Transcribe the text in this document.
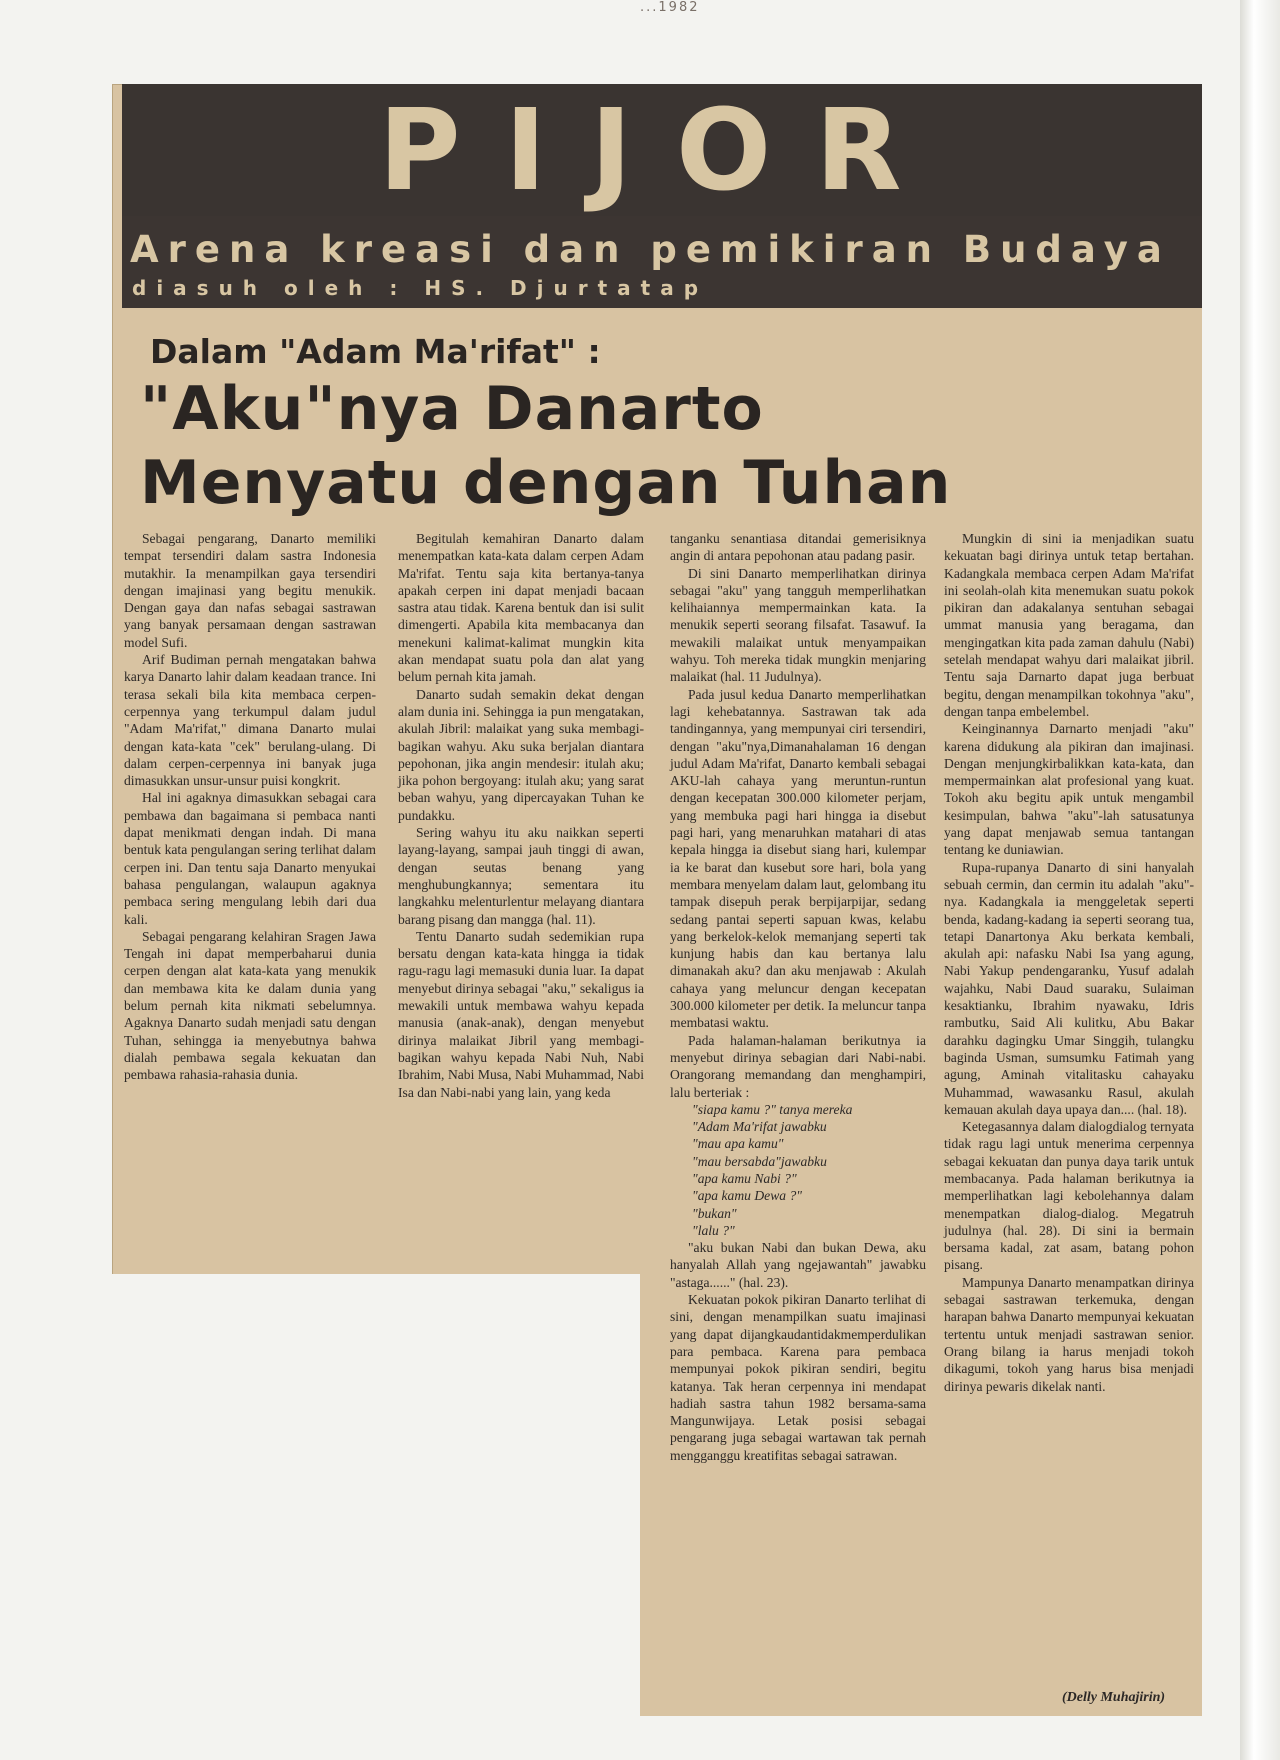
...1982
PIJOR
Arena kreasi dan pemikiran Budaya
diasuh oleh : HS. Djurtatap
Dalam "Adam Ma'rifat" :
"Aku"nya Danarto
Menyatu dengan Tuhan

Sebagai pengarang, Danarto memiliki tempat tersendiri dalam sastra Indonesia mutakhir. Ia menampilkan gaya tersendiri dengan imajinasi yang begitu menukik. Dengan gaya dan nafas sebagai sastrawan yang banyak persamaan dengan sastrawan model Sufi.

Arif Budiman pernah mengatakan bahwa karya Danarto lahir dalam keadaan trance. Ini terasa sekali bila kita membaca cerpen-cerpennya yang terkumpul dalam judul "Adam Ma'rifat," dimana Danarto mulai dengan kata-kata "cek" berulang-ulang. Di dalam cerpen-cerpennya ini banyak juga dimasukkan unsur-unsur puisi kongkrit.

Hal ini agaknya dimasukkan sebagai cara pembawa dan bagaimana si pembaca nanti dapat menikmati dengan indah. Di mana bentuk kata pengulangan sering terlihat dalam cerpen ini. Dan tentu saja Danarto menyukai bahasa pengulangan, walaupun agaknya pembaca sering mengulang lebih dari dua kali.

Sebagai pengarang kelahiran Sragen Jawa Tengah ini dapat memperbaharui dunia cerpen dengan alat kata-kata yang menukik dan membawa kita ke dalam dunia yang belum pernah kita nikmati sebelumnya. Agaknya Danarto sudah menjadi satu dengan Tuhan, sehingga ia menyebutnya bahwa dialah pembawa segala kekuatan dan pembawa rahasia-rahasia dunia.

Begitulah kemahiran Danarto dalam menempatkan kata-kata dalam cerpen Adam Ma'rifat. Tentu saja kita bertanya-tanya apakah cerpen ini dapat menjadi bacaan sastra atau tidak. Karena bentuk dan isi sulit dimengerti. Apabila kita membacanya dan menekuni kalimat-kalimat mungkin kita akan mendapat suatu pola dan alat yang belum pernah kita jamah.

Danarto sudah semakin dekat dengan alam dunia ini. Sehingga ia pun mengatakan, akulah Jibril: malaikat yang suka membagi-bagikan wahyu. Aku suka berjalan diantara pepohonan, jika angin mendesir: itulah aku; jika pohon bergoyang: itulah aku; yang sarat beban wahyu, yang dipercayakan Tuhan ke pundakku.

Sering wahyu itu aku naikkan seperti layang-layang, sampai jauh tinggi di awan, dengan seutas benang yang menghubungkannya; sementara itu langkahku melenturlentur melayang diantara barang pisang dan mangga (hal. 11).

Tentu Danarto sudah sedemikian rupa bersatu dengan kata-kata hingga ia tidak ragu-ragu lagi memasuki dunia luar. Ia dapat menyebut dirinya sebagai "aku," sekaligus ia mewakili untuk membawa wahyu kepada manusia (anak-anak), dengan menyebut dirinya malaikat Jibril yang membagi-bagikan wahyu kepada Nabi Nuh, Nabi Ibrahim, Nabi Musa, Nabi Muhammad, Nabi Isa dan Nabi-nabi yang lain, yang keda

tanganku senantiasa ditandai gemerisiknya angin di antara pepohonan atau padang pasir.

Di sini Danarto memperlihatkan dirinya sebagai "aku" yang tangguh memperlihatkan kelihaiannya mempermainkan kata. Ia menukik seperti seorang filsafat. Tasawuf. Ia mewakili malaikat untuk menyampaikan wahyu. Toh mereka tidak mungkin menjaring malaikat (hal. 11 Judulnya).

Pada jusul kedua Danarto memperlihatkan lagi kehebatannya. Sastrawan tak ada tandingannya, yang mempunyai ciri tersendiri, dengan "aku"nya,Dimanahalaman 16 dengan judul Adam Ma'rifat, Danarto kembali sebagai AKU-lah cahaya yang meruntun-runtun dengan kecepatan 300.000 kilometer perjam, yang membuka pagi hari hingga ia disebut pagi hari, yang menaruhkan matahari di atas kepala hingga ia disebut siang hari, kulempar ia ke barat dan kusebut sore hari, bola yang membara menyelam dalam laut, gelombang itu tampak disepuh perak berpijarpijar, sedang sedang pantai seperti sapuan kwas, kelabu yang berkelok-kelok memanjang seperti tak kunjung habis dan kau bertanya lalu dimanakah aku? dan aku menjawab : Akulah cahaya yang meluncur dengan kecepatan 300.000 kilometer per detik. Ia meluncur tanpa membatasi waktu.

Pada halaman-halaman berikutnya ia menyebut dirinya sebagian dari Nabi-nabi. Orangorang memandang dan menghampiri, lalu berteriak :

"siapa kamu ?" tanya mereka

"Adam Ma'rifat jawabku

"mau apa kamu"

"mau bersabda"jawabku

"apa kamu Nabi ?"

"apa kamu Dewa ?"

"bukan"

"lalu ?"

"aku bukan Nabi dan bukan Dewa, aku hanyalah Allah yang ngejawantah" jawabku "astaga......" (hal. 23).

Kekuatan pokok pikiran Danarto terlihat di sini, dengan menampilkan suatu imajinasi yang dapat dijangkaudantidakmemperdulikan para pembaca. Karena para pembaca mempunyai pokok pikiran sendiri, begitu katanya. Tak heran cerpennya ini mendapat hadiah sastra tahun 1982 bersama-sama Mangunwijaya. Letak posisi sebagai pengarang juga sebagai wartawan tak pernah mengganggu kreatifitas sebagai satrawan.

Mungkin di sini ia menjadikan suatu kekuatan bagi dirinya untuk tetap bertahan. Kadangkala membaca cerpen Adam Ma'rifat ini seolah-olah kita menemukan suatu pokok pikiran dan adakalanya sentuhan sebagai ummat manusia yang beragama, dan mengingatkan kita pada zaman dahulu (Nabi) setelah mendapat wahyu dari malaikat jibril. Tentu saja Darnarto dapat juga berbuat begitu, dengan menampilkan tokohnya "aku", dengan tanpa embelembel.

Keinginannya Darnarto menjadi "aku" karena didukung ala pikiran dan imajinasi. Dengan menjungkirbalikkan kata-kata, dan mempermainkan alat profesional yang kuat. Tokoh aku begitu apik untuk mengambil kesimpulan, bahwa "aku"-lah satusatunya yang dapat menjawab semua tantangan tentang ke duniawian.

Rupa-rupanya Danarto di sini hanyalah sebuah cermin, dan cermin itu adalah "aku"-nya. Kadangkala ia menggeletak seperti benda, kadang-kadang ia seperti seorang tua, tetapi Danartonya Aku berkata kembali, akulah api: nafasku Nabi Isa yang agung, Nabi Yakup pendengaranku, Yusuf adalah wajahku, Nabi Daud suaraku, Sulaiman kesaktianku, Ibrahim nyawaku, Idris rambutku, Said Ali kulitku, Abu Bakar darahku dagingku Umar Singgih, tulangku baginda Usman, sumsumku Fatimah yang agung, Aminah vitalitasku cahayaku Muhammad, wawasanku Rasul, akulah kemauan akulah daya upaya dan.... (hal. 18).

Ketegasannya dalam dialogdialog ternyata tidak ragu lagi untuk menerima cerpennya sebagai kekuatan dan punya daya tarik untuk membacanya. Pada halaman berikutnya ia memperlihatkan lagi kebolehannya dalam menempatkan dialog-dialog. Megatruh judulnya (hal. 28). Di sini ia bermain bersama kadal, zat asam, batang pohon pisang.

Mampunya Danarto menampatkan dirinya sebagai sastrawan terkemuka, dengan harapan bahwa Danarto mempunyai kekuatan tertentu untuk menjadi sastrawan senior. Orang bilang ia harus menjadi tokoh dikagumi, tokoh yang harus bisa menjadi dirinya pewaris dikelak nanti.

(Delly Muhajirin)
